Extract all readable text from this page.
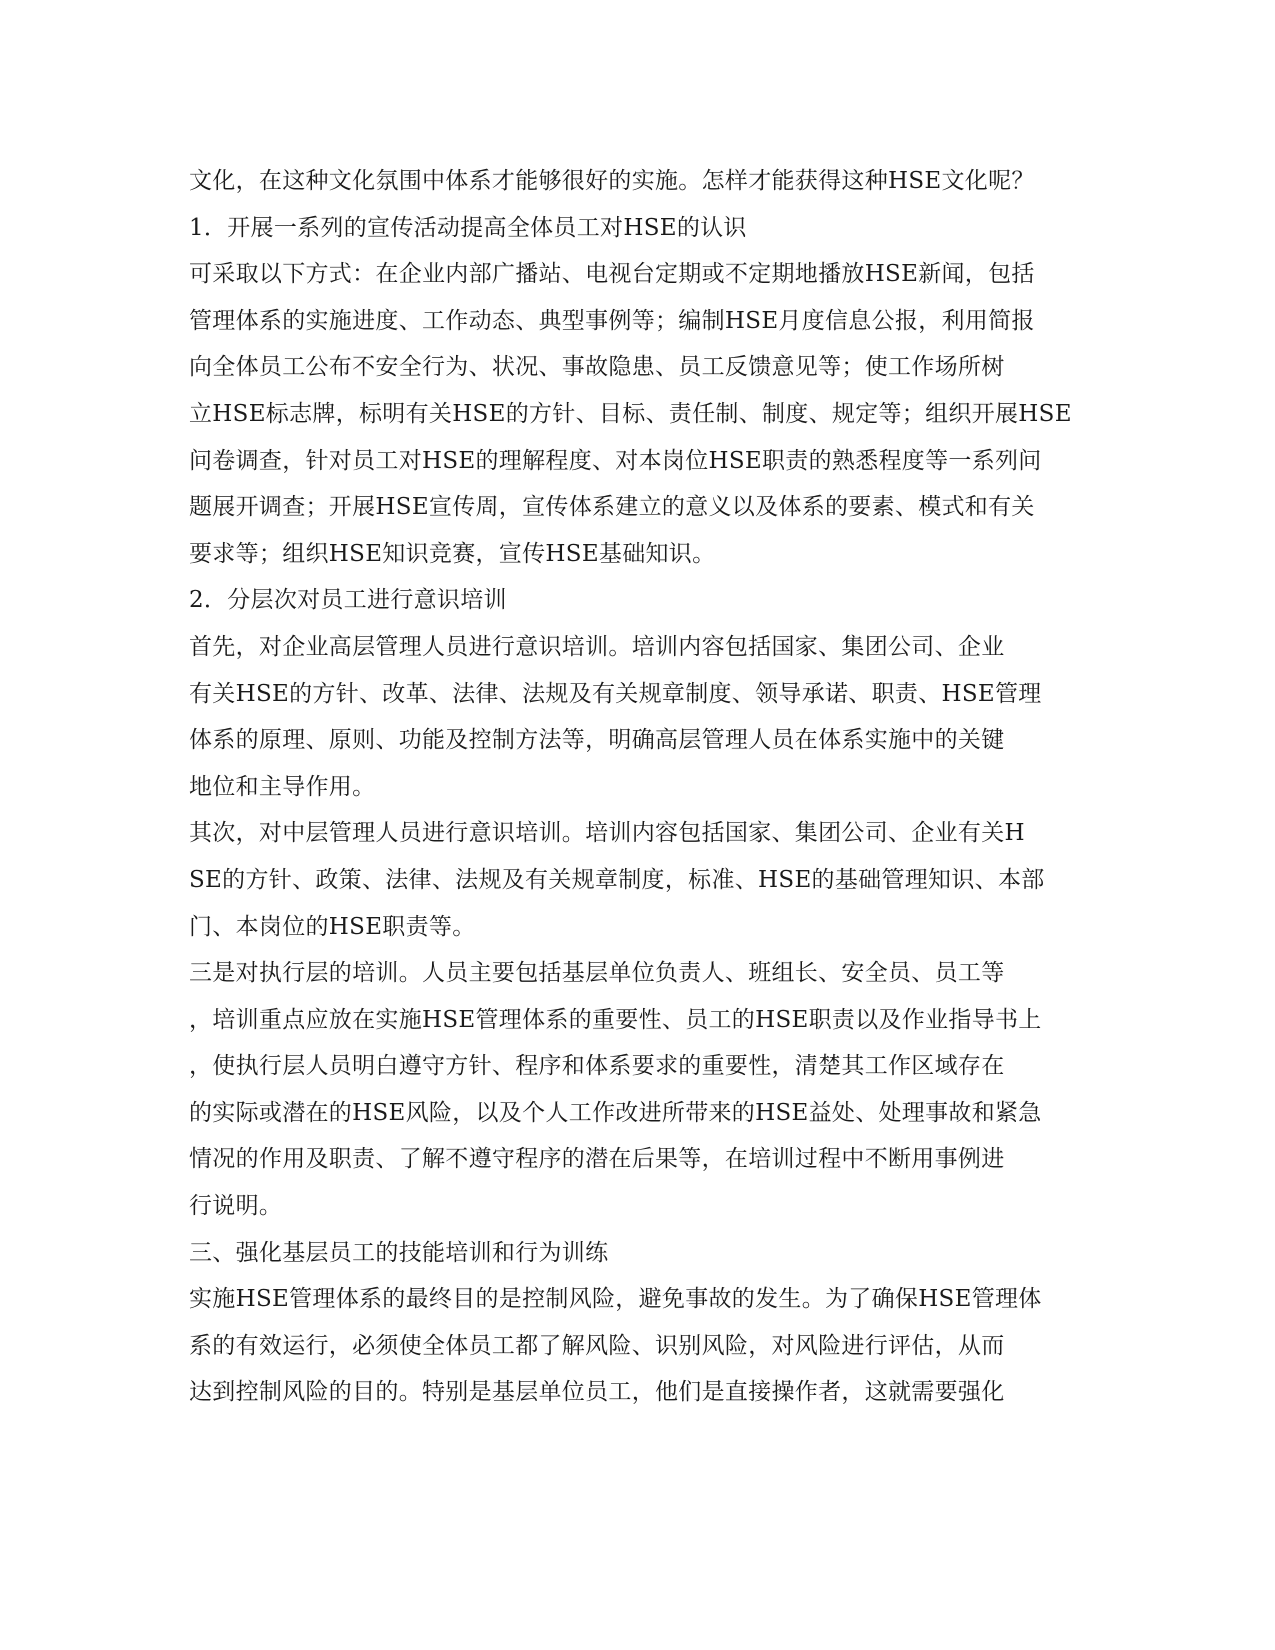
文化，在这种文化氛围中体系才能够很好的实施。怎样才能获得这种HSE文化呢？
1．开展一系列的宣传活动提高全体员工对HSE的认识
可采取以下方式：在企业内部广播站、电视台定期或不定期地播放HSE新闻，包括
管理体系的实施进度、工作动态、典型事例等；编制HSE月度信息公报，利用简报
向全体员工公布不安全行为、状况、事故隐患、员工反馈意见等；使工作场所树
立HSE标志牌，标明有关HSE的方针、目标、责任制、制度、规定等；组织开展HSE
问卷调查，针对员工对HSE的理解程度、对本岗位HSE职责的熟悉程度等一系列问
题展开调查；开展HSE宣传周，宣传体系建立的意义以及体系的要素、模式和有关
要求等；组织HSE知识竞赛，宣传HSE基础知识。
2．分层次对员工进行意识培训
首先，对企业高层管理人员进行意识培训。培训内容包括国家、集团公司、企业
有关HSE的方针、改革、法律、法规及有关规章制度、领导承诺、职责、HSE管理
体系的原理、原则、功能及控制方法等，明确高层管理人员在体系实施中的关键
地位和主导作用。
其次，对中层管理人员进行意识培训。培训内容包括国家、集团公司、企业有关H
SE的方针、政策、法律、法规及有关规章制度，标准、HSE的基础管理知识、本部
门、本岗位的HSE职责等。
三是对执行层的培训。人员主要包括基层单位负责人、班组长、安全员、员工等
，培训重点应放在实施HSE管理体系的重要性、员工的HSE职责以及作业指导书上
，使执行层人员明白遵守方针、程序和体系要求的重要性，清楚其工作区域存在
的实际或潜在的HSE风险，以及个人工作改进所带来的HSE益处、处理事故和紧急
情况的作用及职责、了解不遵守程序的潜在后果等，在培训过程中不断用事例进
行说明。
三、强化基层员工的技能培训和行为训练
实施HSE管理体系的最终目的是控制风险，避免事故的发生。为了确保HSE管理体
系的有效运行，必须使全体员工都了解风险、识别风险，对风险进行评估，从而
达到控制风险的目的。特别是基层单位员工，他们是直接操作者，这就需要强化
